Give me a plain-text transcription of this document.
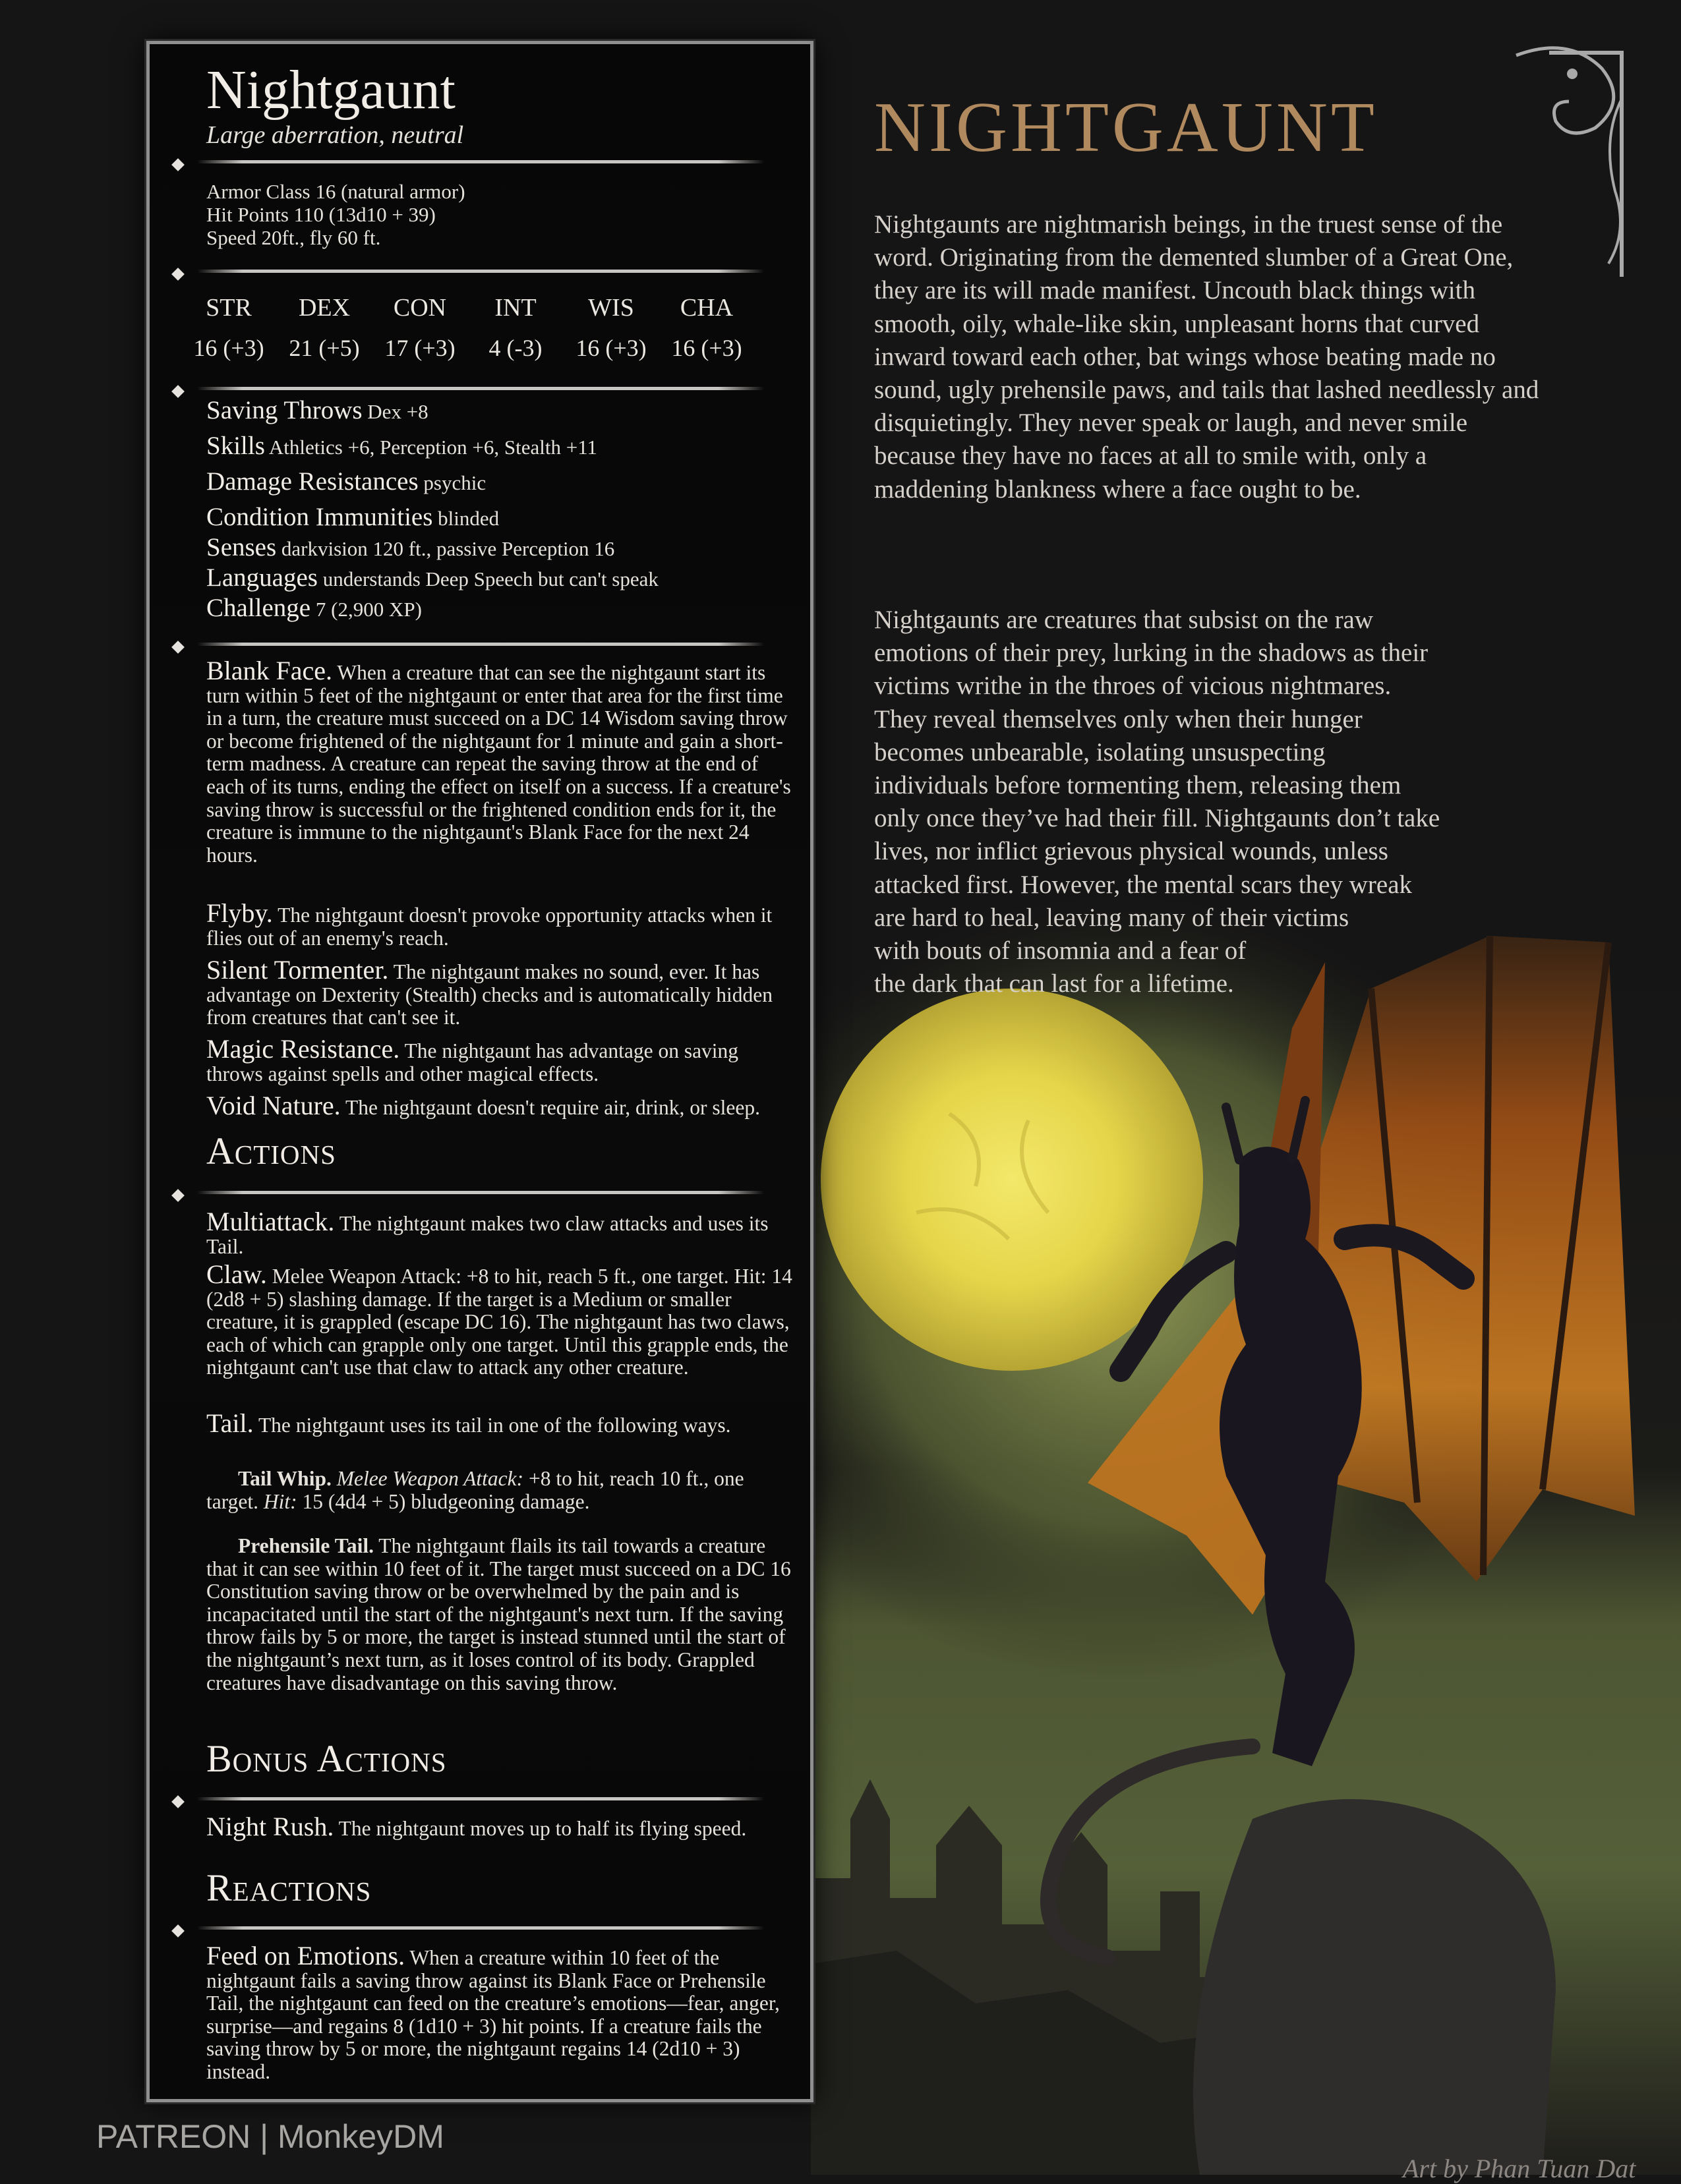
Nightgaunt
Large aberration, neutral
Armor Class 16 (natural armor)
Hit Points 110 (13d10 + 39)
Speed 20ft., fly 60 ft.
STR	DEX	CON	INT	WIS	CHA
16 (+3)	21 (+5)	17 (+3)	4 (-3)	16 (+3)	16 (+3)
Saving Throws Dex +8
Skills Athletics +6, Perception +6, Stealth +11
Damage Resistances psychic
Condition Immunities blinded
Senses darkvision 120 ft., passive Perception 16
Languages understands Deep Speech but can't speak
Challenge 7 (2,900 XP)
Blank Face. When a creature that can see the nightgaunt start its turn within 5 feet of the nightgaunt or enter that area for the first time in a turn, the creature must succeed on a DC 14 Wisdom saving throw or become frightened of the nightgaunt for 1 minute and gain a short-term madness. A creature can repeat the saving throw at the end of each of its turns, ending the effect on itself on a success. If a creature's saving throw is successful or the frightened condition ends for it, the creature is immune to the nightgaunt's Blank Face for the next 24 hours.
Flyby. The nightgaunt doesn't provoke opportunity attacks when it flies out of an enemy's reach.
Silent Tormenter. The nightgaunt makes no sound, ever. It has advantage on Dexterity (Stealth) checks and is automatically hidden from creatures that can't see it.
Magic Resistance. The nightgaunt has advantage on saving throws against spells and other magical effects.
Void Nature. The nightgaunt doesn't require air, drink, or sleep.
Actions
Multiattack. The nightgaunt makes two claw attacks and uses its Tail.
Claw. Melee Weapon Attack: +8 to hit, reach 5 ft., one target. Hit: 14 (2d8 + 5) slashing damage. If the target is a Medium or smaller creature, it is grappled (escape DC 16). The nightgaunt has two claws, each of which can grapple only one target. Until this grapple ends, the nightgaunt can't use that claw to attack any other creature.
Tail. The nightgaunt uses its tail in one of the following ways.
Tail Whip. Melee Weapon Attack: +8 to hit, reach 10 ft., one target. Hit: 15 (4d4 + 5) bludgeoning damage.
Prehensile Tail. The nightgaunt flails its tail towards a creature that it can see within 10 feet of it. The target must succeed on a DC 16 Constitution saving throw or be overwhelmed by the pain and is incapacitated until the start of the nightgaunt's next turn. If the saving throw fails by 5 or more, the target is instead stunned until the start of the nightgaunt’s next turn, as it loses control of its body. Grappled creatures have disadvantage on this saving throw.
Bonus Actions
Night Rush. The nightgaunt moves up to half its flying speed.
Reactions
Feed on Emotions. When a creature within 10 feet of the nightgaunt fails a saving throw against its Blank Face or Prehensile Tail, the nightgaunt can feed on the creature’s emotions—fear, anger, surprise—and regains 8 (1d10 + 3) hit points. If a creature fails the saving throw by 5 or more, the nightgaunt regains 14 (2d10 + 3) instead.
NIGHTGAUNT
Nightgaunts are nightmarish beings, in the truest sense of the word. Originating from the demented slumber of a Great One, they are its will made manifest. Uncouth black things with smooth, oily, whale-like skin, unpleasant horns that curved inward toward each other, bat wings whose beating made no sound, ugly prehensile paws, and tails that lashed needlessly and disquietingly. They never speak or laugh, and never smile because they have no faces at all to smile with, only a maddening blankness where a face ought to be.
Nightgaunts are creatures that subsist on the raw
emotions of their prey, lurking in the shadows as their
victims writhe in the throes of vicious nightmares.
They reveal themselves only when their hunger
becomes unbearable, isolating unsuspecting
individuals before tormenting them, releasing them
only once they’ve had their fill. Nightgaunts don’t take
lives, nor inflict grievous physical wounds, unless
attacked first. However, the mental scars they wreak
are hard to heal, leaving many of their victims
with bouts of insomnia and a fear of
the dark that can last for a lifetime.
PATREON | MonkeyDM
Art by Phan Tuan Dat
